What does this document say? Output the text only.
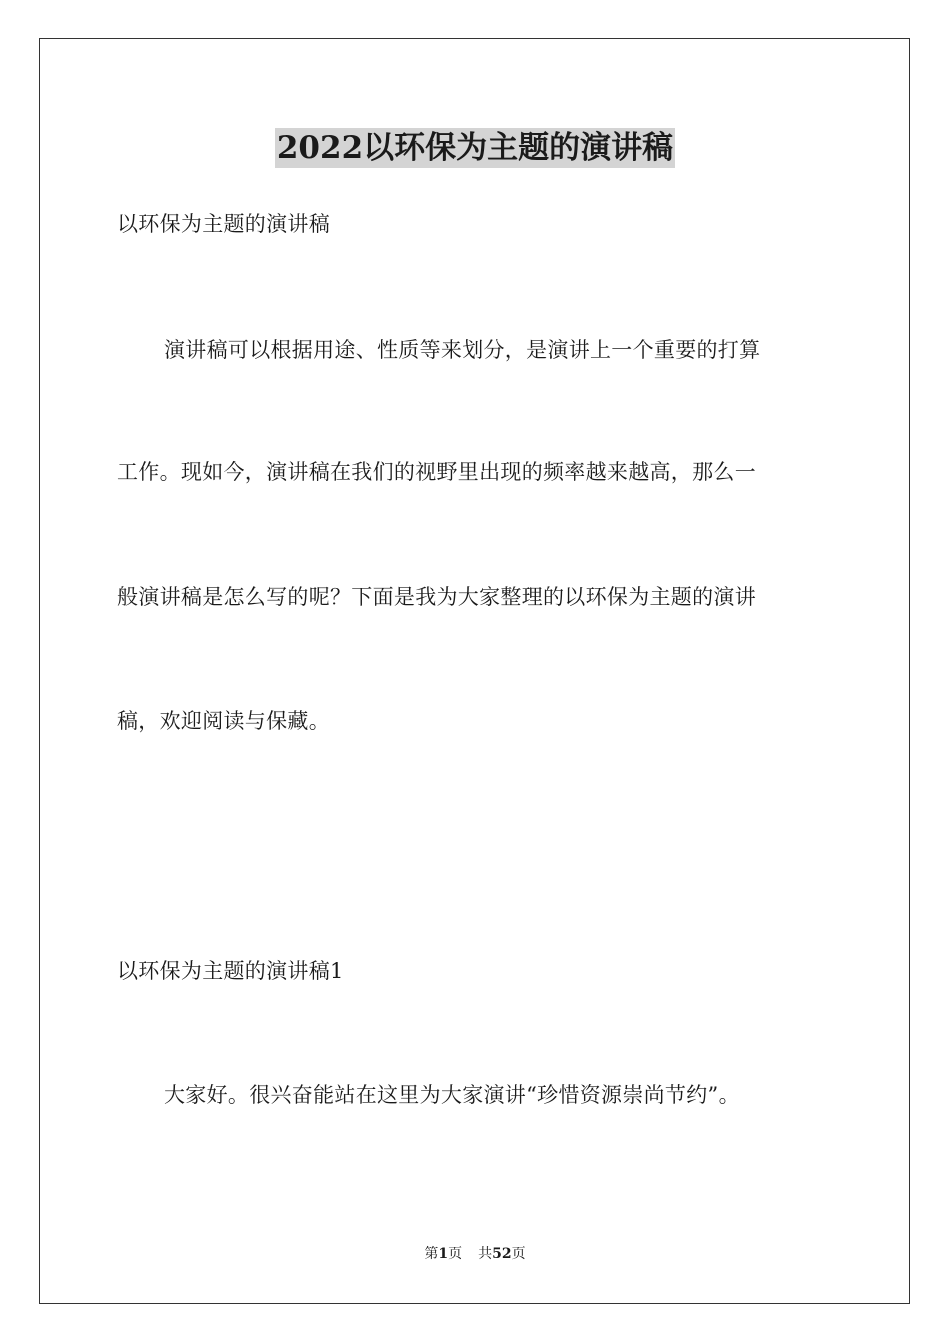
2022以环保为主题的演讲稿

以环保为主题的演讲稿

演讲稿可以根据用途、性质等来划分，是演讲上一个重要的打算

工作。现如今，演讲稿在我们的视野里出现的频率越来越高，那么一

般演讲稿是怎么写的呢？下面是我为大家整理的以环保为主题的演讲

稿，欢迎阅读与保藏。

以环保为主题的演讲稿1

大家好。很兴奋能站在这里为大家演讲“珍惜资源崇尚节约”。

第1页 共52页
